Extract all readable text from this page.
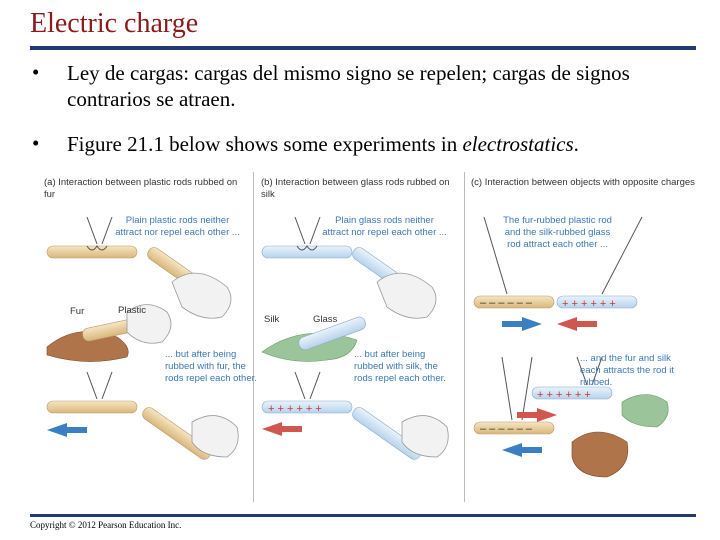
Electric charge
• Ley de cargas: cargas del mismo signo se repelen; cargas de signos contrarios se atraen.
• Figure 21.1 below shows some experiments in electrostatics.
+ + + + + +
– – – – – –	+ + + + + +
– – – – – –
+ + + + + +
(a) Interaction between plastic rods rubbed on fur
Plain plastic rods neither attract nor repel each other ...
Fur	Plastic
... but after being rubbed with fur, the rods repel each other.
(b) Interaction between glass rods rubbed on silk
Plain glass rods neither attract nor repel each other ...
Silk	Glass
... but after being rubbed with silk, the rods repel each other.
(c) Interaction between objects with opposite charges
The fur-rubbed plastic rod and the silk-rubbed glass rod attract each other ...
... and the fur and silk each attracts the rod it rubbed.
Copyright © 2012 Pearson Education Inc.
